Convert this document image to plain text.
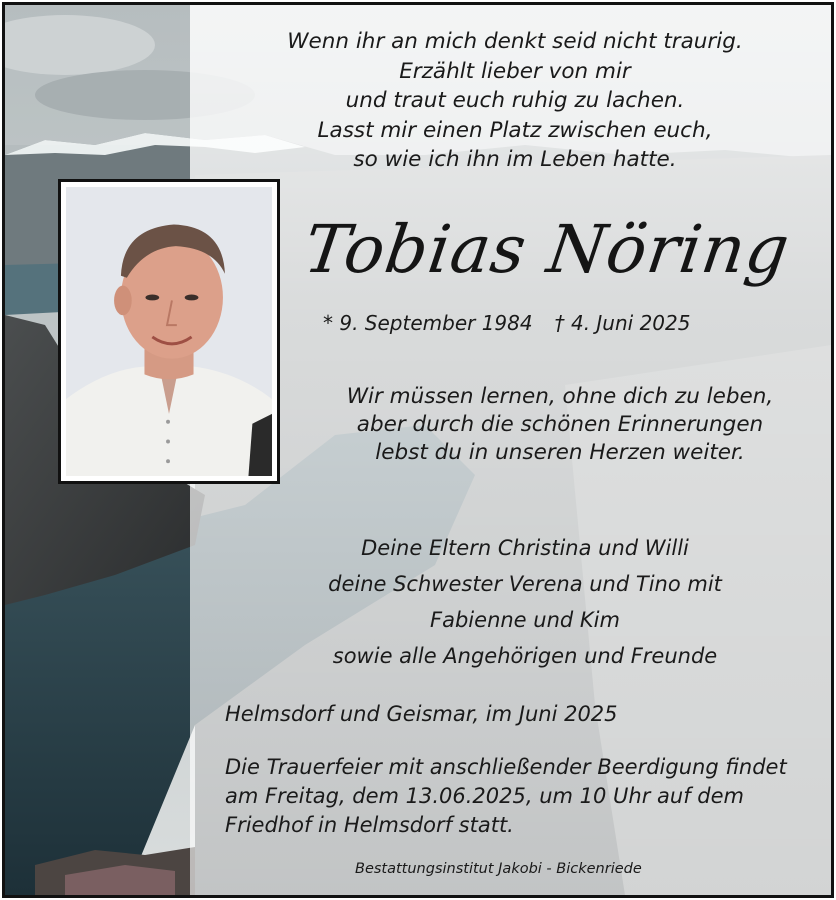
Wenn ihr an mich denkt seid nicht traurig.
Erzählt lieber von mir
und traut euch ruhig zu lachen.
Lasst mir einen Platz zwischen euch,
so wie ich ihn im Leben hatte.

Tobias Nöring

* 9. September 1984 † 4. Juni 2025

Wir müssen lernen, ohne dich zu leben,
aber durch die schönen Erinnerungen
lebst du in unseren Herzen weiter.

Deine Eltern Christina und Willi
deine Schwester Verena und Tino mit
Fabienne und Kim
sowie alle Angehörigen und Freunde

Helmsdorf und Geismar, im Juni 2025

Die Trauerfeier mit anschließender Beerdigung findet
am Freitag, dem 13.06.2025, um 10 Uhr auf dem
Friedhof in Helmsdorf statt.

Bestattungsinstitut Jakobi - Bickenriede
